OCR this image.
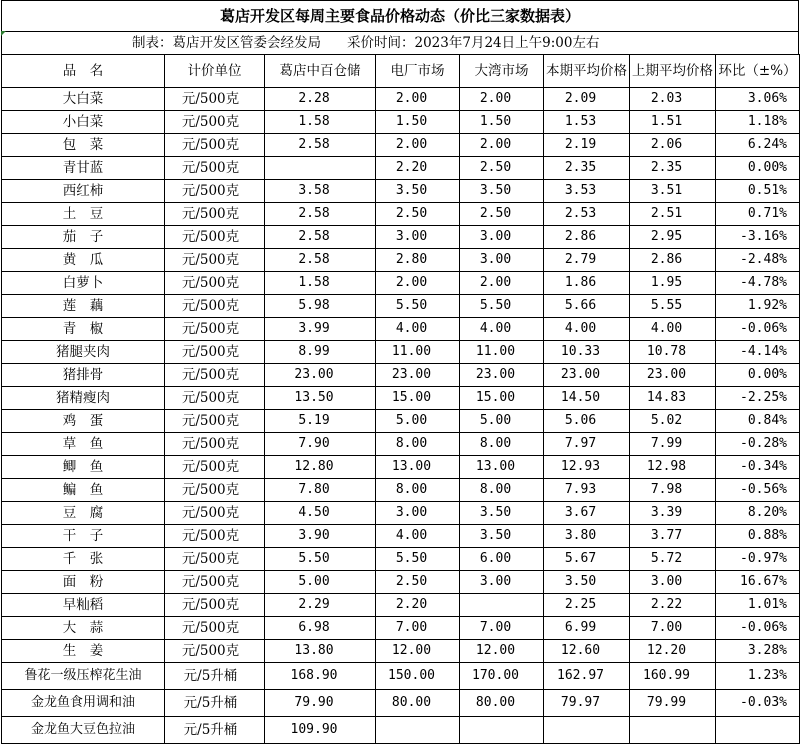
葛店开发区每周主要食品价格动态（价比三家数据表）
制表：葛店开发区管委会经发局 采价时间：2023年7月24日上午9:00左右
品　名	计价单位	葛店中百仓储	电厂市场	大湾市场	本期平均价格	上期平均价格	环比（±%）
大白菜	元/500克	2.28	2.00	2.00	2.09	2.03	3.06%
小白菜	元/500克	1.58	1.50	1.50	1.53	1.51	1.18%
包　菜	元/500克	2.58	2.00	2.00	2.19	2.06	6.24%
青甘蓝	元/500克		2.20	2.50	2.35	2.35	0.00%
西红柿	元/500克	3.58	3.50	3.50	3.53	3.51	0.51%
土　豆	元/500克	2.58	2.50	2.50	2.53	2.51	0.71%
茄　子	元/500克	2.58	3.00	3.00	2.86	2.95	-3.16%
黄　瓜	元/500克	2.58	2.80	3.00	2.79	2.86	-2.48%
白萝卜	元/500克	1.58	2.00	2.00	1.86	1.95	-4.78%
莲　藕	元/500克	5.98	5.50	5.50	5.66	5.55	1.92%
青　椒	元/500克	3.99	4.00	4.00	4.00	4.00	-0.06%
猪腿夹肉	元/500克	8.99	11.00	11.00	10.33	10.78	-4.14%
猪排骨	元/500克	23.00	23.00	23.00	23.00	23.00	0.00%
猪精瘦肉	元/500克	13.50	15.00	15.00	14.50	14.83	-2.25%
鸡　蛋	元/500克	5.19	5.00	5.00	5.06	5.02	0.84%
草　鱼	元/500克	7.90	8.00	8.00	7.97	7.99	-0.28%
鲫　鱼	元/500克	12.80	13.00	13.00	12.93	12.98	-0.34%
鳊　鱼	元/500克	7.80	8.00	8.00	7.93	7.98	-0.56%
豆　腐	元/500克	4.50	3.00	3.50	3.67	3.39	8.20%
干　子	元/500克	3.90	4.00	3.50	3.80	3.77	0.88%
千　张	元/500克	5.50	5.50	6.00	5.67	5.72	-0.97%
面　粉	元/500克	5.00	2.50	3.00	3.50	3.00	16.67%
早籼稻	元/500克	2.29	2.20		2.25	2.22	1.01%
大　蒜	元/500克	6.98	7.00	7.00	6.99	7.00	-0.06%
生　姜	元/500克	13.80	12.00	12.00	12.60	12.20	3.28%
鲁花一级压榨花生油	元/5升桶	168.90	150.00	170.00	162.97	160.99	1.23%
金龙鱼食用调和油	元/5升桶	79.90	80.00	80.00	79.97	79.99	-0.03%
金龙鱼大豆色拉油	元/5升桶	109.90					
